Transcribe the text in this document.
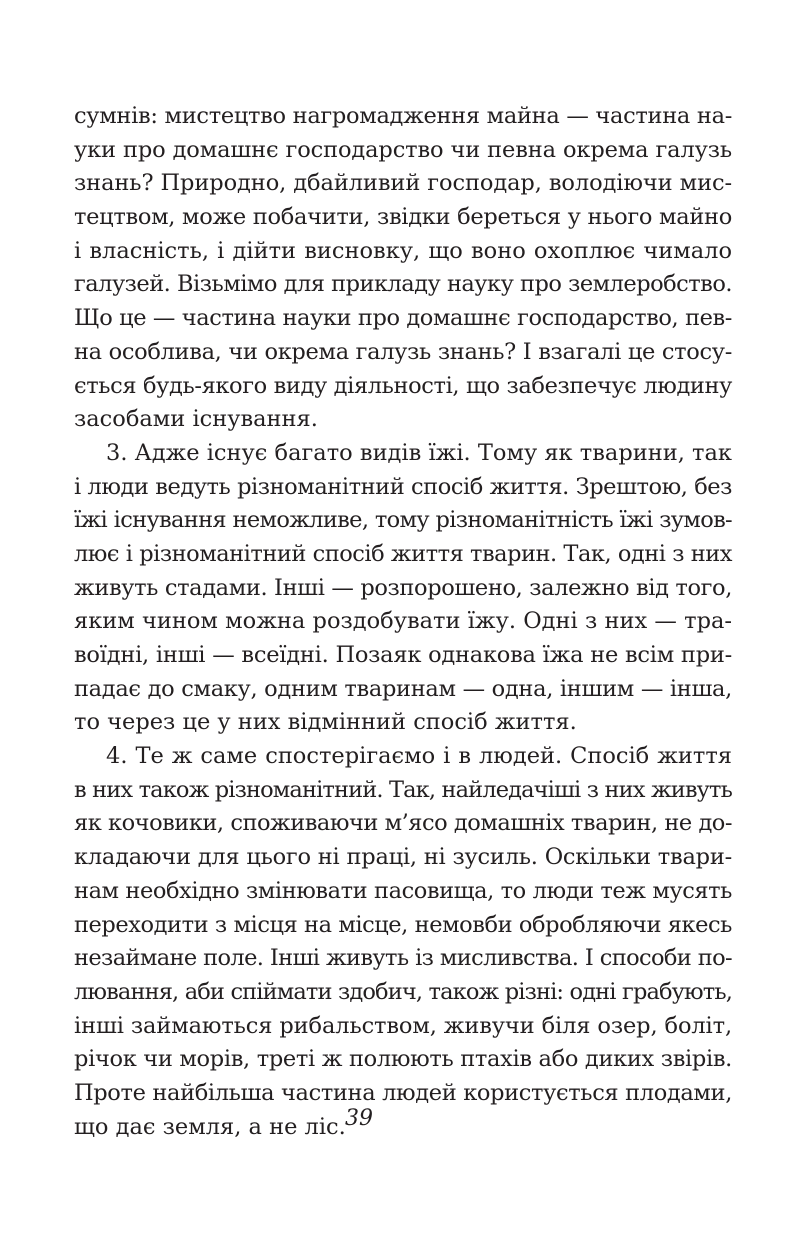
сумнів: мистецтво нагромадження майна — частина на-
уки про домашнє господарство чи певна окрема галузь
знань? Природно, дбайливий господар, володіючи мис-
тецтвом, може побачити, звідки береться у нього майно
і власність, і дійти висновку, що воно охоплює чимало
галузей. Візьмімо для прикладу науку про землеробство.
Що це — частина науки про домашнє господарство, пев-
на особлива, чи окрема галузь знань? І взагалі це стосу-
ється будь-якого виду діяльності, що забезпечує людину
засобами існування.
3. Адже існує багато видів їжі. Тому як тварини, так
і люди ведуть різноманітний спосіб життя. Зрештою, без
їжі існування неможливе, тому різноманітність їжі зумов-
лює і різноманітний спосіб життя тварин. Так, одні з них
живуть стадами. Інші — розпорошено, залежно від того,
яким чином можна роздобувати їжу. Одні з них — тра-
воїдні, інші — всеїдні. Позаяк однакова їжа не всім при-
падає до смаку, одним тваринам — одна, іншим — інша,
то через це у них відмінний спосіб життя.
4. Те ж саме спостерігаємо і в людей. Спосіб життя
в них також різноманітний. Так, найледачіші з них живуть
як кочовики, споживаючи м’ясо домашніх тварин, не до-
кладаючи для цього ні праці, ні зусиль. Оскільки твари-
нам необхідно змінювати пасовища, то люди теж мусять
переходити з місця на місце, немовби обробляючи якесь
незаймане поле. Інші живуть із мисливства. І способи по-
лювання, аби спіймати здобич, також різні: одні грабують,
інші займаються рибальством, живучи біля озер, боліт,
річок чи морів, треті ж полюють птахів або диких звірів.
Проте найбільша частина людей користується плодами,
що дає земля, а не ліс. 39
